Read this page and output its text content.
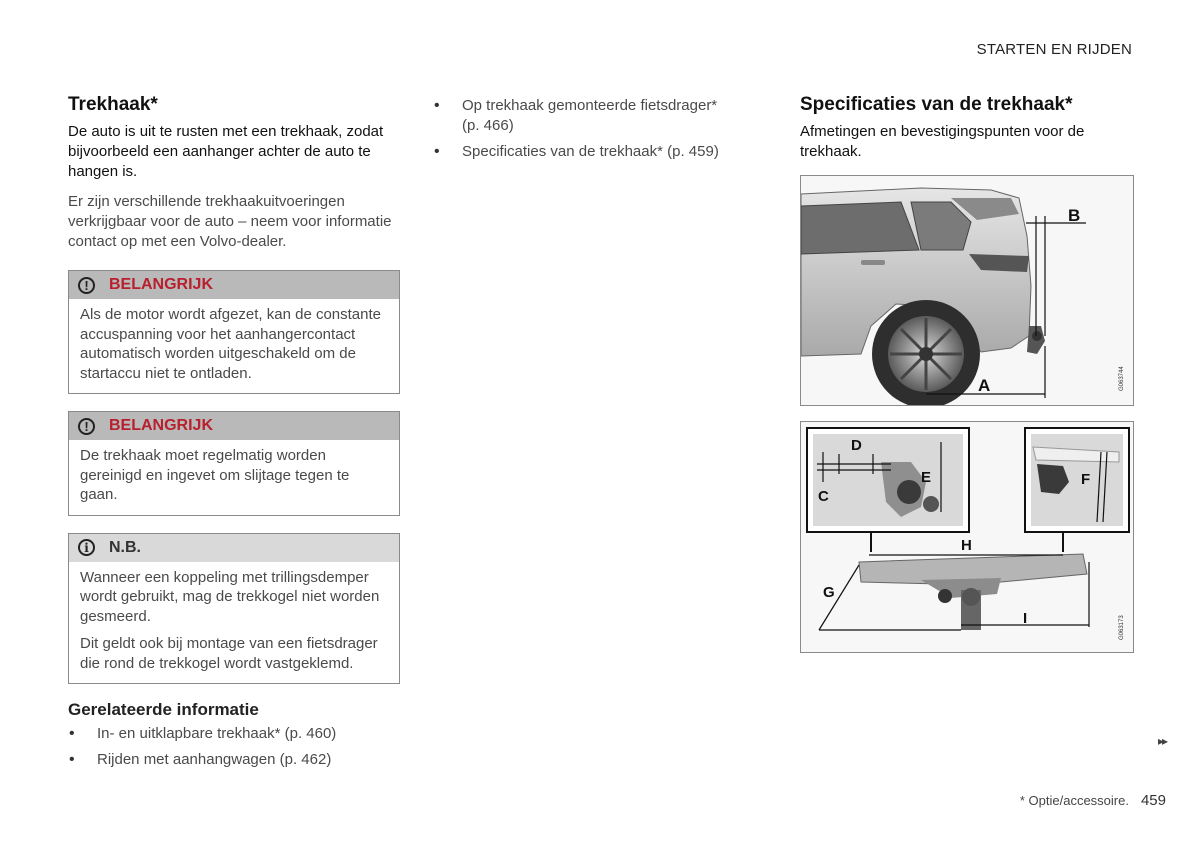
STARTEN EN RIJDEN
Trekhaak*

De auto is uit te rusten met een trekhaak, zodat bijvoorbeeld een aanhanger achter de auto te hangen is.

Er zijn verschillende trekhaakuitvoeringen verkrijgbaar voor de auto – neem voor informatie contact op met een Volvo-dealer.

!	BELANGRIJK

Als de motor wordt afgezet, kan de constante accuspanning voor het aanhangercontact automatisch worden uitgeschakeld om de startaccu niet te ontladen.

!	BELANGRIJK

De trekhaak moet regelmatig worden gereinigd en ingevet om slijtage tegen te gaan.

i	N.B.

Wanneer een koppeling met trillingsdemper wordt gebruikt, mag de trekkogel niet worden gesmeerd.

Dit geldt ook bij montage van een fietsdrager die rond de trekkogel wordt vastgeklemd.

Gerelateerde informatie
• In- en uitklapbare trekhaak* (p. 460)
• Rijden met aanhangwagen (p. 462)
• Op trekhaak gemonteerde fietsdrager* (p. 466)
• Specificaties van de trekhaak* (p. 459)
Specificaties van de trekhaak*

Afmetingen en bevestigingspunten voor de trekhaak.

B
A	G063744
D
C
E	F
H
G
I	G063173
▸▸
* Optie/accessoire. 459
